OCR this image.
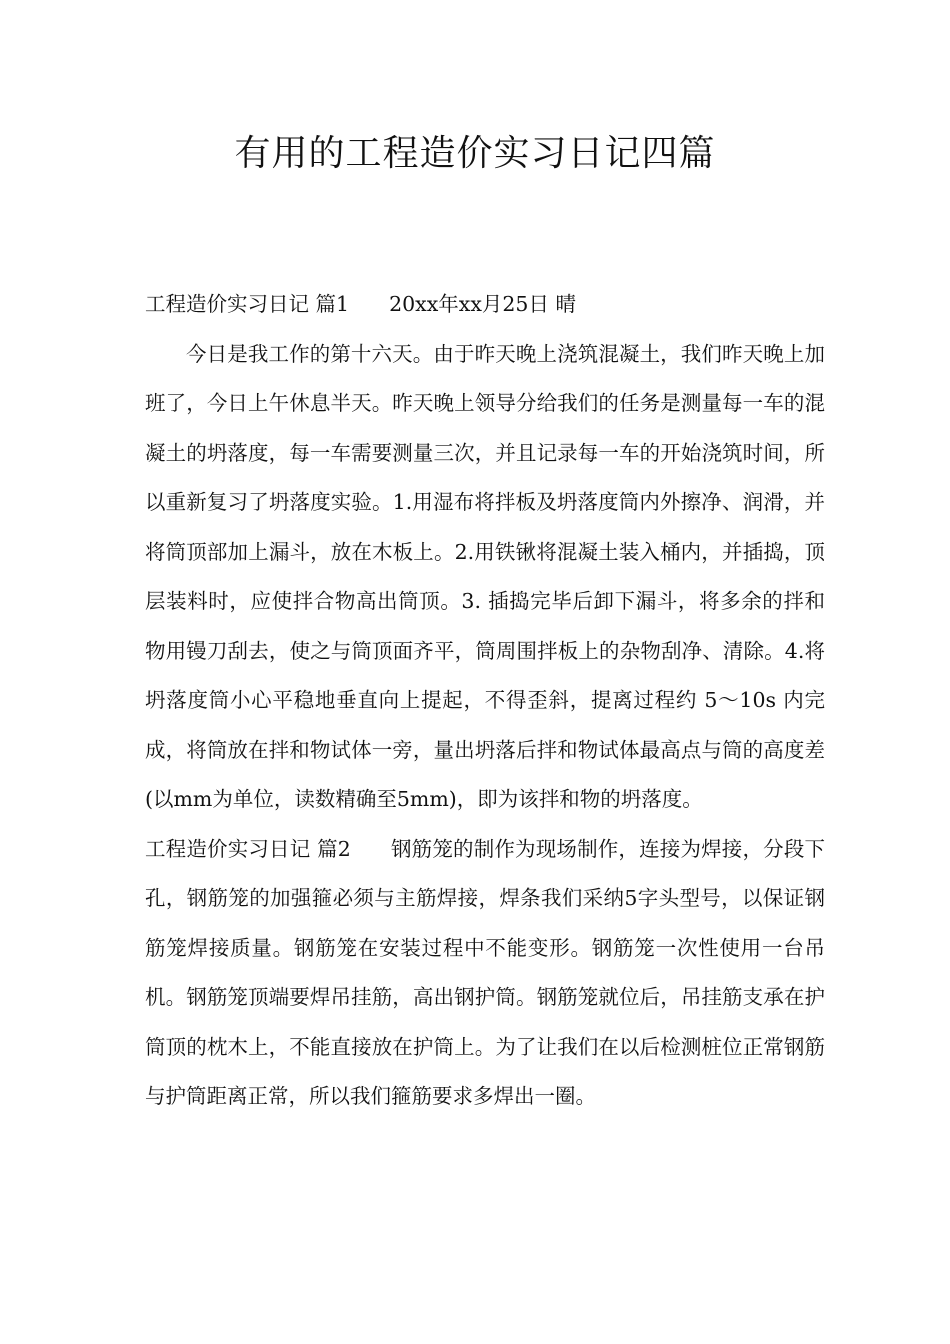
有用的工程造价实习日记四篇

工程造价实习日记 篇1 20xx年xx月25日 晴

今日是我工作的第十六天。由于昨天晚上浇筑混凝土，我们昨天晚上加班了，今日上午休息半天。昨天晚上领导分给我们的任务是测量每一车的混凝土的坍落度，每一车需要测量三次，并且记录每一车的开始浇筑时间，所以重新复习了坍落度实验。1.用湿布将拌板及坍落度筒内外擦净、润滑，并将筒顶部加上漏斗，放在木板上。2.用铁锹将混凝土装入桶内，并插捣，顶层装料时，应使拌合物高出筒顶。3. 插捣完毕后卸下漏斗，将多余的拌和物用镘刀刮去，使之与筒顶面齐平，筒周围拌板上的杂物刮净、清除。4.将坍落度筒小心平稳地垂直向上提起，不得歪斜，提离过程约 5～10s 内完成，将筒放在拌和物试体一旁，量出坍落后拌和物试体最高点与筒的高度差(以mm为单位，读数精确至5mm)，即为该拌和物的坍落度。

工程造价实习日记 篇2 钢筋笼的制作为现场制作，连接为焊接，分段下孔，钢筋笼的加强箍必须与主筋焊接，焊条我们采纳5字头型号，以保证钢筋笼焊接质量。钢筋笼在安装过程中不能变形。钢筋笼一次性使用一台吊机。钢筋笼顶端要焊吊挂筋，高出钢护筒。钢筋笼就位后，吊挂筋支承在护筒顶的枕木上，不能直接放在护筒上。为了让我们在以后检测桩位正常钢筋与护筒距离正常，所以我们箍筋要求多焊出一圈。
